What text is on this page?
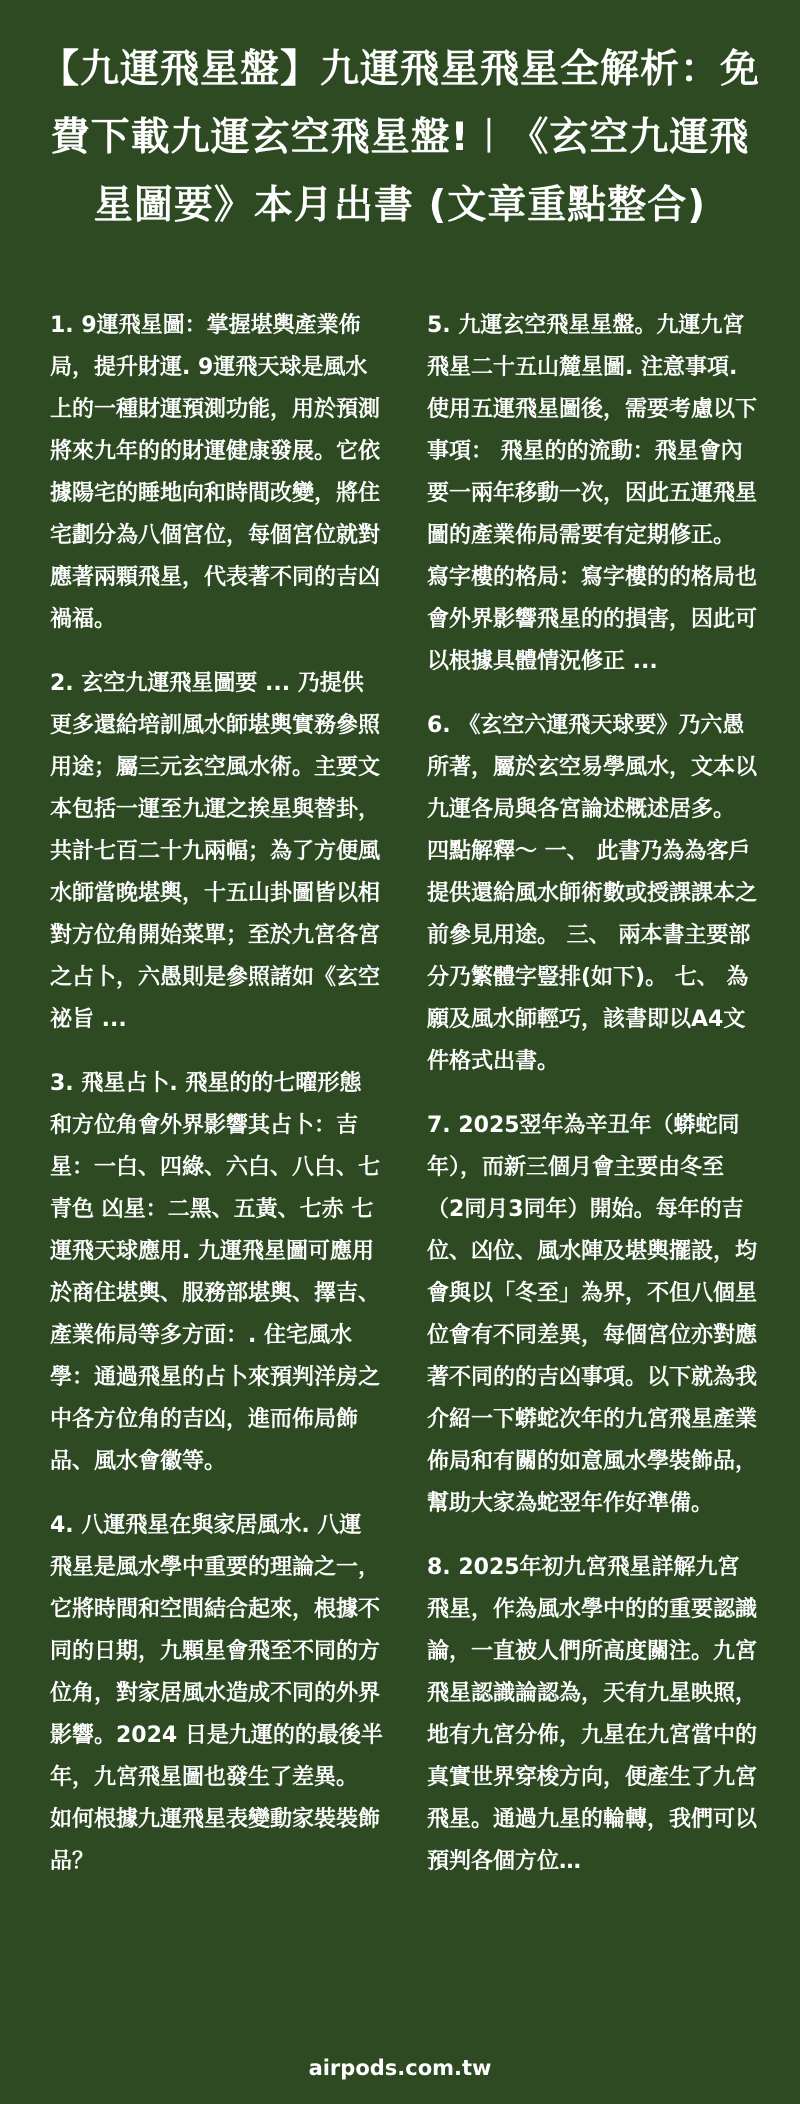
【九運飛星盤】九運飛星飛星全解析：免費下載九運玄空飛星盤!︱《玄空九運飛星圖要》本月出書 (文章重點整合)

1. 9運飛星圖：掌握堪輿產業佈局，提升財運. 9運飛天球是風水上的一種財運預測功能，用於預測將來九年的的財運健康發展。它依據陽宅的睡地向和時間改變，將住宅劃分為八個宮位，每個宮位就對應著兩顆飛星，代表著不同的吉凶禍福。

2. 玄空九運飛星圖要 ... 乃提供更多還給培訓風水師堪輿實務參照用途；屬三元玄空風水術。主要文本包括一運至九運之挨星與替卦，共計七百二十九兩幅；為了方便風水師當晚堪輿，十五山卦圖皆以相對方位角開始菜單；至於九宮各宮之占卜，六愚則是參照諸如《玄空祕旨 ...

3. 飛星占卜. 飛星的的七曜形態和方位角會外界影響其占卜：吉星：一白、四綠、六白、八白、七青色 凶星：二黑、五黃、七赤 七運飛天球應用. 九運飛星圖可應用於商住堪輿、服務部堪輿、擇吉、產業佈局等多方面：. 住宅風水學：通過飛星的占卜來預判洋房之中各方位角的吉凶，進而佈局飾品、風水會徽等。

4. 八運飛星在與家居風水. 八運飛星是風水學中重要的理論之一，它將時間和空間結合起來，根據不同的日期，九顆星會飛至不同的方位角，對家居風水造成不同的外界影響。2024 日是九運的的最後半年，九宮飛星圖也發生了差異。 如何根據九運飛星表變動家裝裝飾品？

5. 九運玄空飛星星盤。九運九宮飛星二十五山麓星圖. 注意事項. 使用五運飛星圖後，需要考慮以下事項： 飛星的的流動：飛星會內要一兩年移動一次，因此五運飛星圖的產業佈局需要有定期修正。 寫字樓的格局：寫字樓的的格局也會外界影響飛星的的損害，因此可以根據具體情況修正 ...

6. 《玄空六運飛天球要》乃六愚所著，屬於玄空易學風水，文本以九運各局與各宮論述概述居多。 四點解釋～ 一、 此書乃為為客戶提供還給風水師術數或授課課本之前參見用途。 三、 兩本書主要部分乃繁體字豎排(如下)。 七、 為願及風水師輕巧，該書即以A4文件格式出書。

7. 2025翌年為辛丑年（蟒蛇同年），而新三個月會主要由冬至（2同月3同年）開始。每年的吉位、凶位、風水陣及堪輿擺設，均會與以「冬至」為界，不但八個星位會有不同差異，每個宮位亦對應著不同的的吉凶事項。以下就為我介紹一下蟒蛇次年的九宮飛星產業佈局和有關的如意風水學裝飾品，幫助大家為蛇翌年作好準備。

8. 2025年初九宮飛星詳解九宮飛星，作為風水學中的的重要認識論，一直被人們所高度關注。九宮飛星認識論認為，天有九星映照，地有九宮分佈，九星在九宮當中的真實世界穿梭方向，便產生了九宮飛星。通過九星的輪轉，我們可以預判各個方位…

airpods.com.tw
